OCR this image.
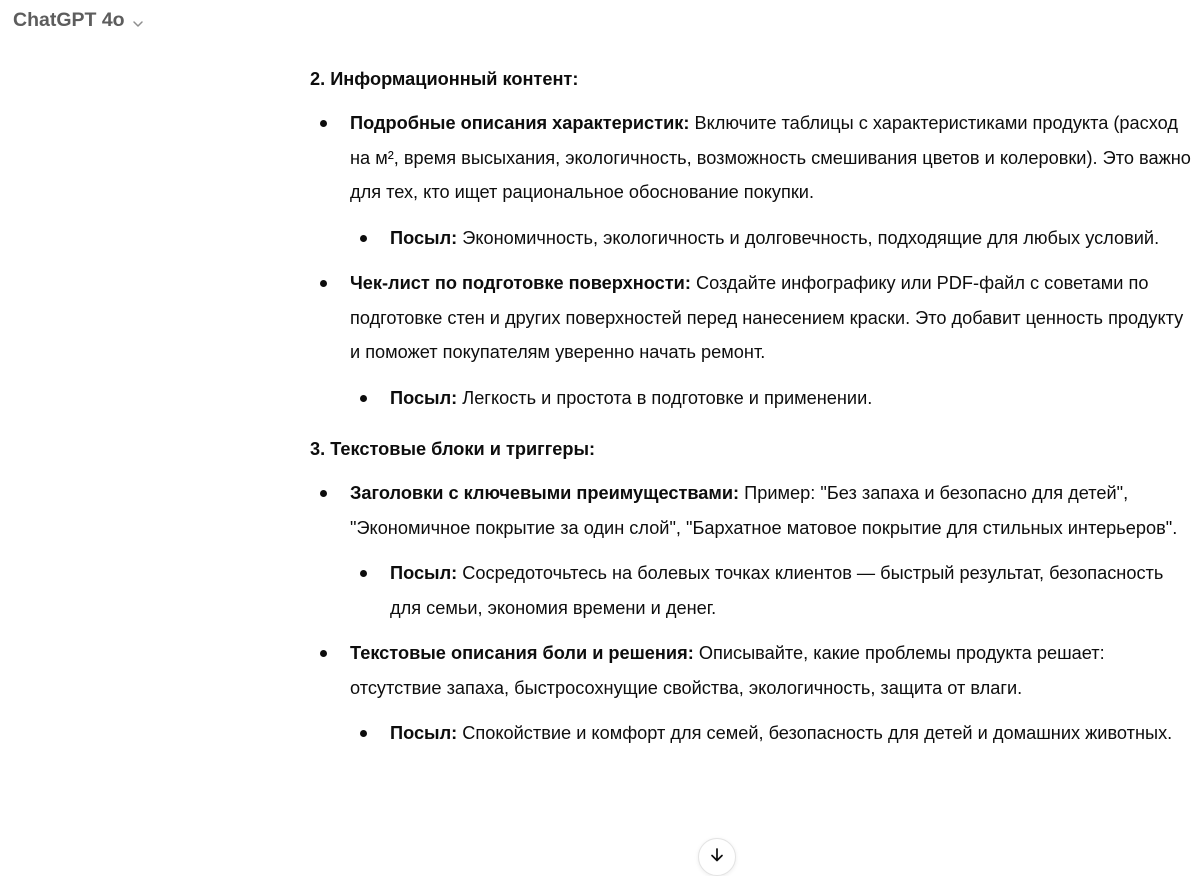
ChatGPT 4o
2. Информационный контент:
Подробные описания характеристик: Включите таблицы с характеристиками продукта (расход на м², время высыхания, экологичность, возможность смешивания цветов и колеровки). Это важно для тех, кто ищет рациональное обоснование покупки.
Посыл: Экономичность, экологичность и долговечность, подходящие для любых условий.
Чек-лист по подготовке поверхности: Создайте инфографику или PDF-файл с советами по подготовке стен и других поверхностей перед нанесением краски. Это добавит ценность продукту и поможет покупателям уверенно начать ремонт.
Посыл: Легкость и простота в подготовке и применении.
3. Текстовые блоки и триггеры:
Заголовки с ключевыми преимуществами: Пример: "Без запаха и безопасно для детей", "Экономичное покрытие за один слой", "Бархатное матовое покрытие для стильных интерьеров".
Посыл: Сосредоточьтесь на болевых точках клиентов — быстрый результат, безопасность для семьи, экономия времени и денег.
Текстовые описания боли и решения: Описывайте, какие проблемы продукта решает: отсутствие запаха, быстросохнущие свойства, экологичность, защита от влаги.
Посыл: Спокойствие и комфорт для семей, безопасность для детей и домашних животных.
